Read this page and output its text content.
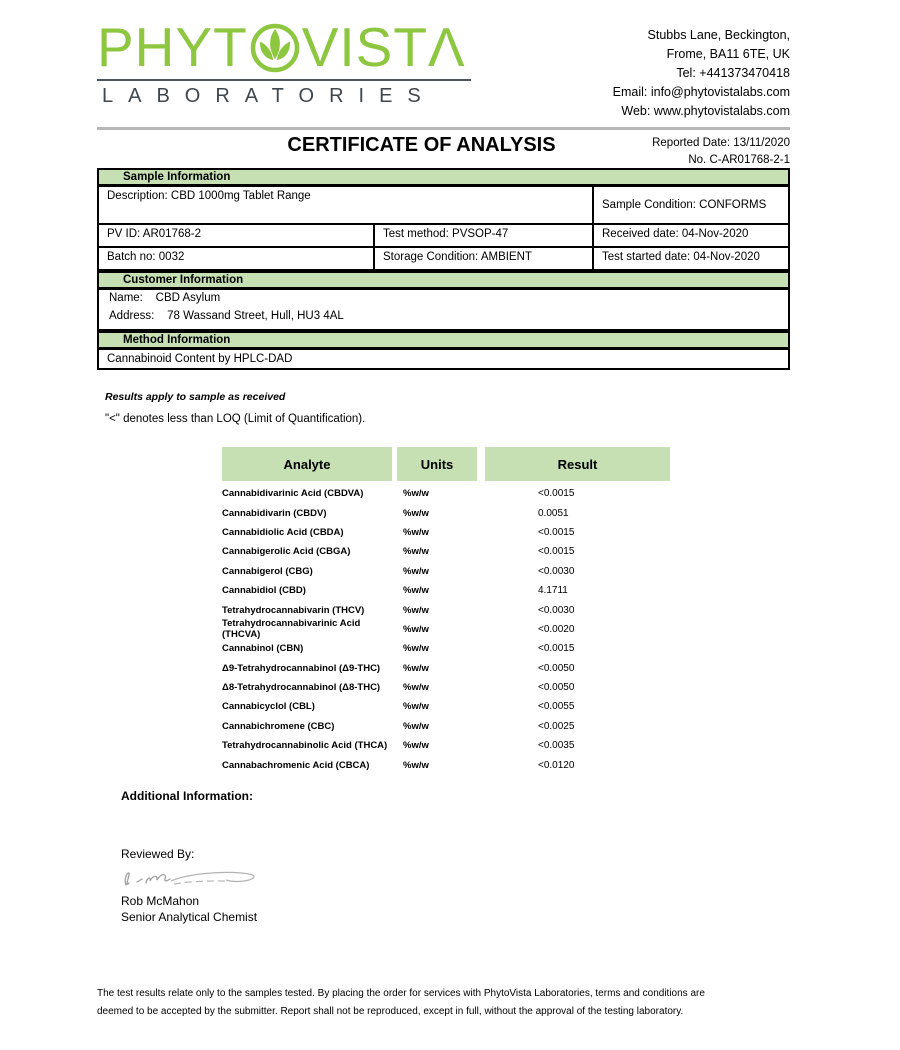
PHYT VISTΛ
LABORATORIES
Stubbs Lane, Beckington,
Frome, BA11 6TE, UK
Tel: +441373470418
Email: info@phytovistalabs.com
Web: www.phytovistalabs.com
Reported Date: 13/11/2020
No. C-AR01768-2-1
CERTIFICATE OF ANALYSIS
Sample Information
Description: CBD 1000mg Tablet Range
Sample Condition: CONFORMS
PV ID: AR01768-2	Test method: PVSOP-47	Received date: 04-Nov-2020
Batch no: 0032	Storage Condition: AMBIENT	Test started date: 04-Nov-2020
Customer Information
Name:    CBD Asylum
Address:    78 Wassand Street, Hull, HU3 4AL
Method Information
Cannabinoid Content by HPLC-DAD
Results apply to sample as received
"<" denotes less than LOQ (Limit of Quantification).
Analyte	Units	Result
Cannabidivarinic Acid (CBDVA)	%w/w	<0.0015
Cannabidivarin (CBDV)	%w/w	0.0051
Cannabidiolic Acid (CBDA)	%w/w	<0.0015
Cannabigerolic Acid (CBGA)	%w/w	<0.0015
Cannabigerol (CBG)	%w/w	<0.0030
Cannabidiol (CBD)	%w/w	4.1711
Tetrahydrocannabivarin (THCV)	%w/w	<0.0030
Tetrahydrocannabivarinic Acid (THCVA)
%w/w	<0.0020
Cannabinol (CBN)	%w/w	<0.0015
Δ9-Tetrahydrocannabinol (Δ9-THC)	%w/w	<0.0050
Δ8-Tetrahydrocannabinol (Δ8-THC)	%w/w	<0.0050
Cannabicyclol (CBL)	%w/w	<0.0055
Cannabichromene (CBC)	%w/w	<0.0025
Tetrahydrocannabinolic Acid (THCA)	%w/w	<0.0035
Cannabachromenic Acid (CBCA)	%w/w	<0.0120
Additional Information:
Reviewed By:
Rob McMahon
Senior Analytical Chemist
The test results relate only to the samples tested. By placing the order for services with PhytoVista Laboratories, terms and conditions are
deemed to be accepted by the submitter. Report shall not be reproduced, except in full, without the approval of the testing laboratory.
